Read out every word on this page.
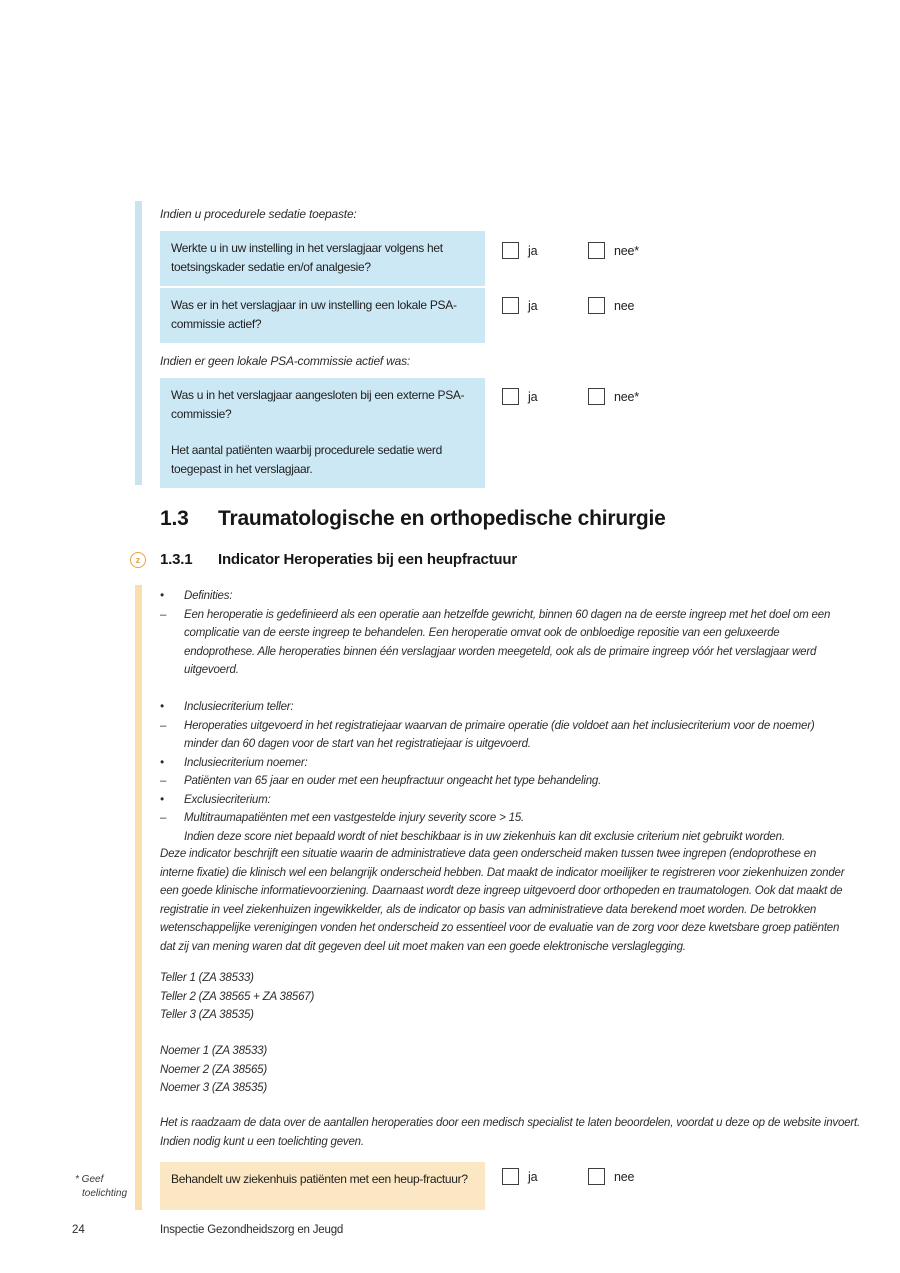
Indien u procedurele sedatie toepaste:
Werkte u in uw instelling in het verslagjaar volgens het toetsingskader sedatie en/of analgesie?
ja	nee*
Was er in het verslagjaar in uw instelling een lokale PSA-commissie actief?
ja	nee
Indien er geen lokale PSA-commissie actief was:
Was u in het verslagjaar aangesloten bij een externe PSA-commissie?
ja	nee*
Het aantal patiënten waarbij procedurele sedatie werd toegepast in het verslagjaar.
1.3	Traumatologische en orthopedische chirurgie
z	1.3.1	Indicator Heroperaties bij een heupfractuur
•	Definities:
–	Een heroperatie is gedefinieerd als een operatie aan hetzelfde gewricht, binnen 60 dagen na de eerste ingreep met het doel om een complicatie van de eerste ingreep te behandelen. Een heroperatie omvat ook de onbloedige repositie van een geluxeerde endoprothese. Alle heroperaties binnen één verslagjaar worden meegeteld, ook als de primaire ingreep vóór het verslagjaar werd uitgevoerd.
•	Inclusiecriterium teller:
–	Heroperaties uitgevoerd in het registratiejaar waarvan de primaire operatie (die voldoet aan het inclusiecriterium voor de noemer) minder dan 60 dagen voor de start van het registratiejaar is uitgevoerd.
•	Inclusiecriterium noemer:
–	Patiënten van 65 jaar en ouder met een heupfractuur ongeacht het type behandeling.
•	Exclusiecriterium:
–	Multitraumapatiënten met een vastgestelde injury severity score > 15.
Indien deze score niet bepaald wordt of niet beschikbaar is in uw ziekenhuis kan dit exclusie criterium niet gebruikt worden.
Deze indicator beschrijft een situatie waarin de administratieve data geen onderscheid maken tussen twee ingrepen (endoprothese en interne fixatie) die klinisch wel een belangrijk onderscheid hebben. Dat maakt de indicator moeilijker te registreren voor ziekenhuizen zonder een goede klinische informatievoorziening. Daarnaast wordt deze ingreep uitgevoerd door orthopeden en traumatologen. Ook dat maakt de registratie in veel ziekenhuizen ingewikkelder, als de indicator op basis van administratieve data berekend moet worden. De betrokken wetenschappelijke verenigingen vonden het onderscheid zo essentieel voor de evaluatie van de zorg voor deze kwetsbare groep patiënten dat zij van mening waren dat dit gegeven deel uit moet maken van een goede elektronische verslaglegging.
Teller 1 (ZA 38533)
Teller 2 (ZA 38565 + ZA 38567)
Teller 3 (ZA 38535)
Noemer 1 (ZA 38533)
Noemer 2 (ZA 38565)
Noemer 3 (ZA 38535)
Het is raadzaam de data over de aantallen heroperaties door een medisch specialist te laten beoordelen, voordat u deze op de website invoert. Indien nodig kunt u een toelichting geven.
Behandelt uw ziekenhuis patiënten met een heup-fractuur?	ja	nee
* Geef
toelichting
24	Inspectie Gezondheidszorg en Jeugd
